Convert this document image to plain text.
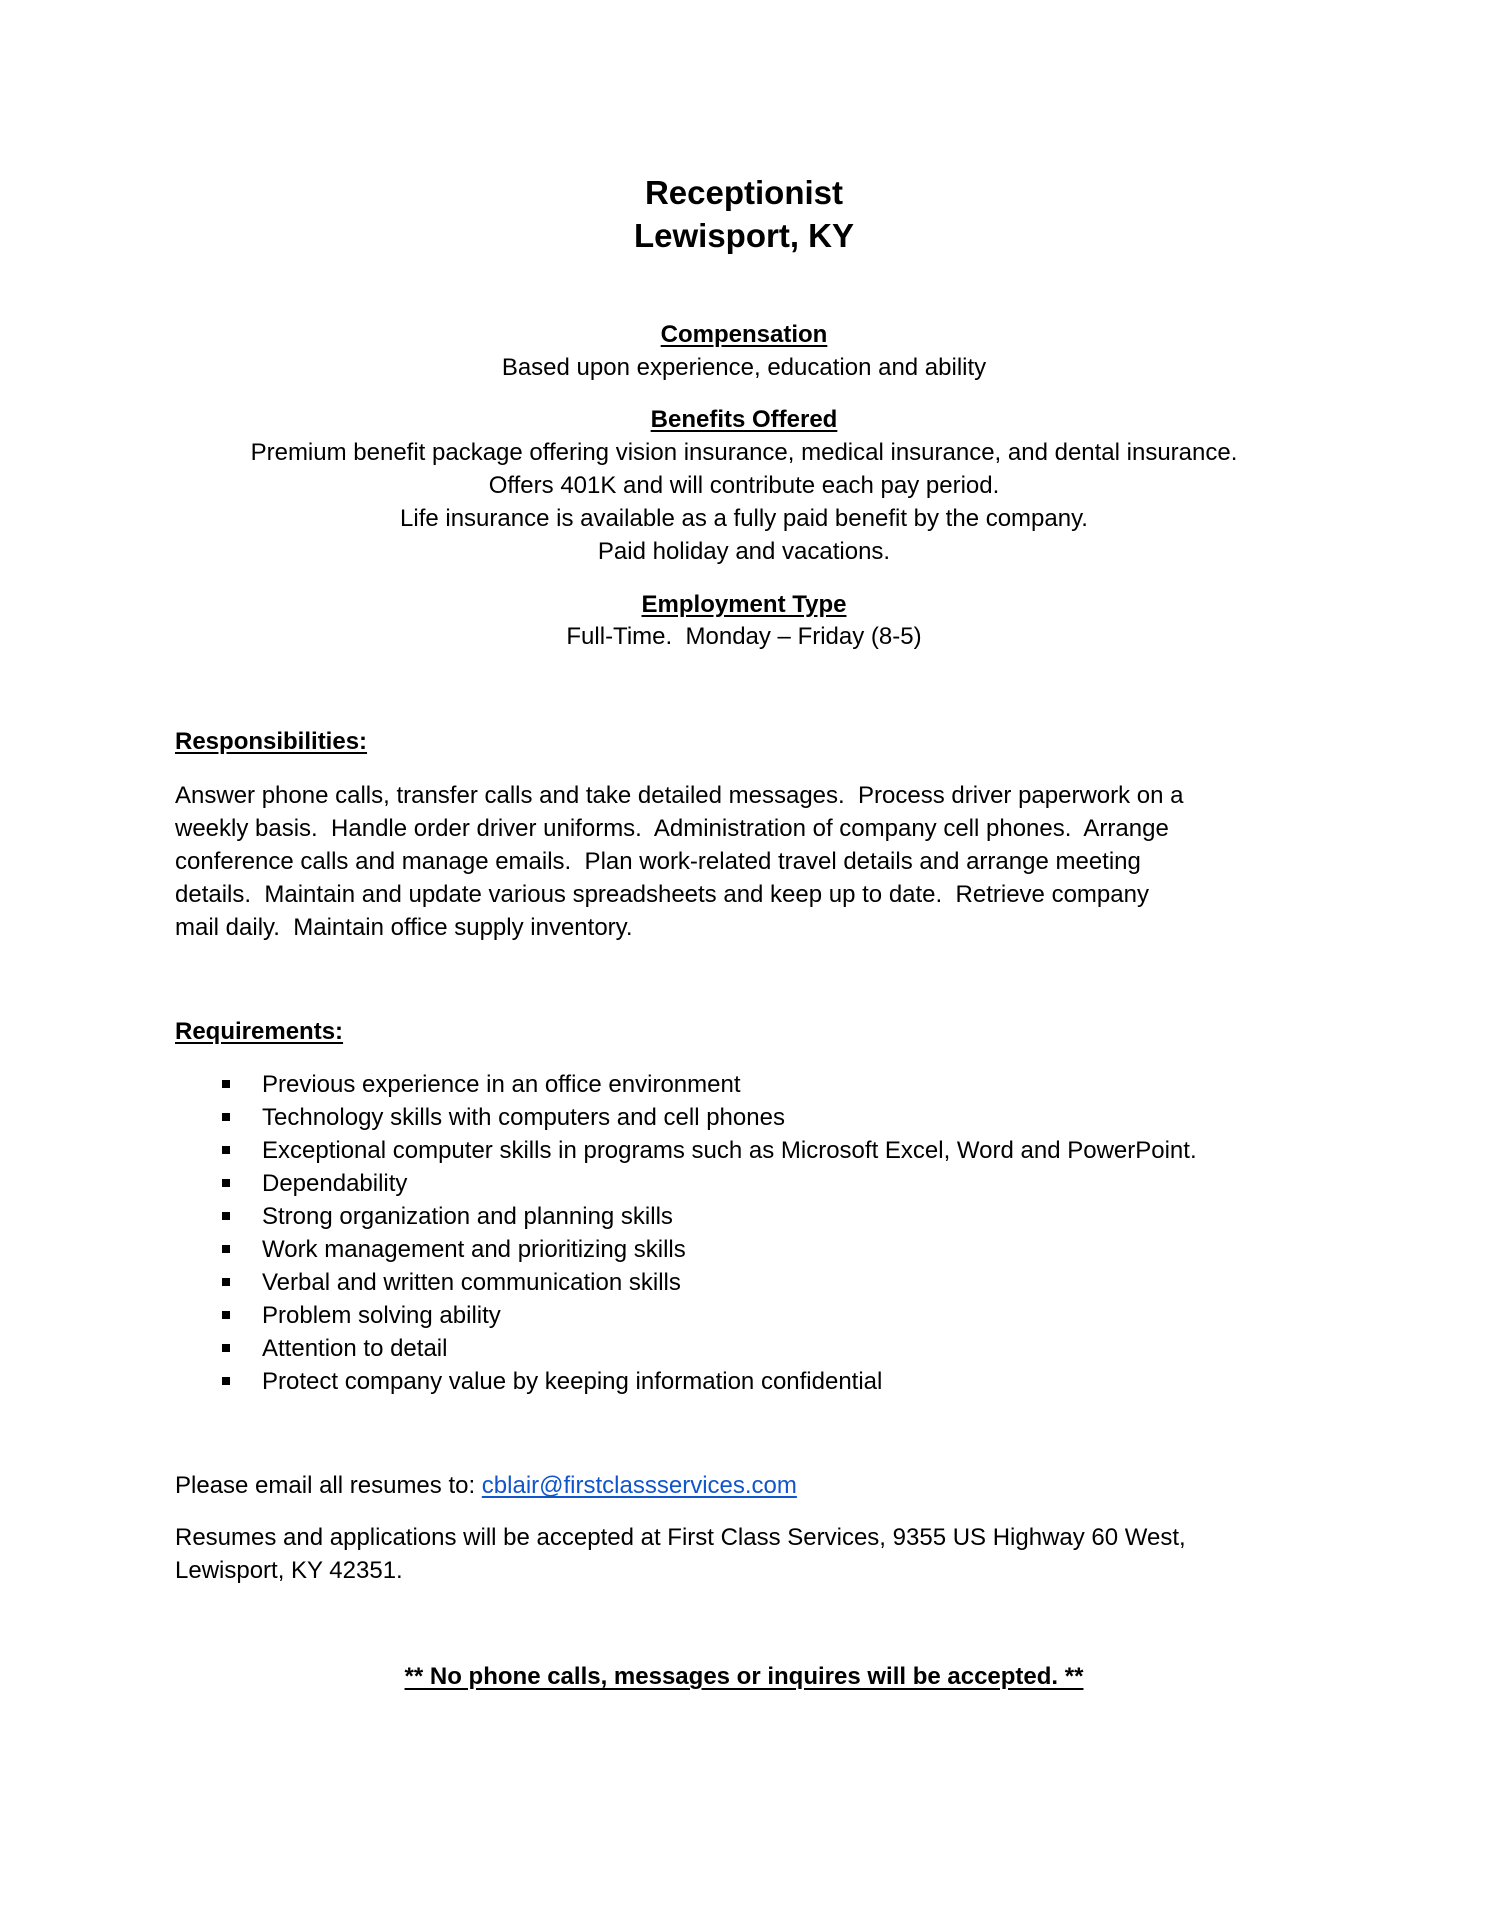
Receptionist
Lewisport, KY
Compensation
Based upon experience, education and ability
Benefits Offered
Premium benefit package offering vision insurance, medical insurance, and dental insurance.
Offers 401K and will contribute each pay period.
Life insurance is available as a fully paid benefit by the company.
Paid holiday and vacations.
Employment Type
Full-Time.  Monday – Friday (8-5)
Responsibilities:
Answer phone calls, transfer calls and take detailed messages.  Process driver paperwork on a
weekly basis.  Handle order driver uniforms.  Administration of company cell phones.  Arrange
conference calls and manage emails.  Plan work-related travel details and arrange meeting
details.  Maintain and update various spreadsheets and keep up to date.  Retrieve company
mail daily.  Maintain office supply inventory.
Requirements:
Previous experience in an office environment
Technology skills with computers and cell phones
Exceptional computer skills in programs such as Microsoft Excel, Word and PowerPoint.
Dependability
Strong organization and planning skills
Work management and prioritizing skills
Verbal and written communication skills
Problem solving ability
Attention to detail
Protect company value by keeping information confidential
Please email all resumes to: cblair@firstclassservices.com
Resumes and applications will be accepted at First Class Services, 9355 US Highway 60 West,
Lewisport, KY 42351.
** No phone calls, messages or inquires will be accepted. **
